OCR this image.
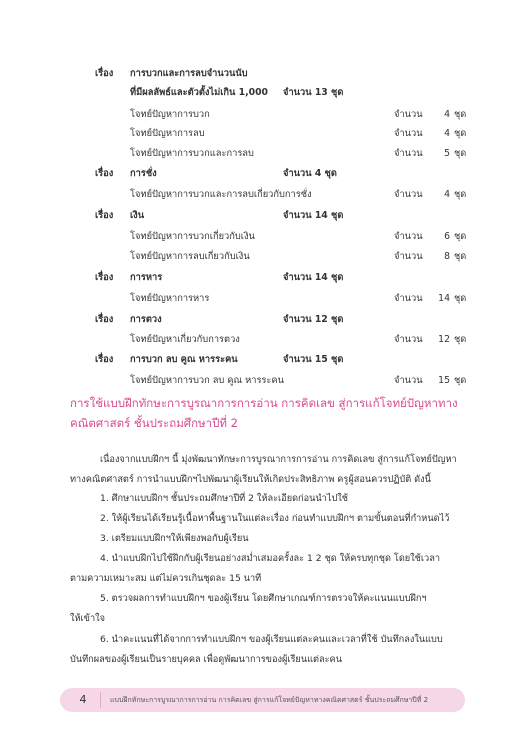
เรื่อง การบวกและการลบจำนวนนับ
ที่มีผลลัพธ์และตัวตั้งไม่เกิน 1,000 จำนวน 13 ชุด
โจทย์ปัญหาการบวก	จำนวน 4 ชุด
โจทย์ปัญหาการลบ	จำนวน 4 ชุด
โจทย์ปัญหาการบวกและการลบ	จำนวน 5 ชุด
เรื่อง การชั่ง	จำนวน 4 ชุด
โจทย์ปัญหาการบวกและการลบเกี่ยวกับการชั่ง	จำนวน 4 ชุด
เรื่อง เงิน	จำนวน 14 ชุด
โจทย์ปัญหาการบวกเกี่ยวกับเงิน	จำนวน 6 ชุด
โจทย์ปัญหาการลบเกี่ยวกับเงิน	จำนวน 8 ชุด
เรื่อง การหาร	จำนวน 14 ชุด
โจทย์ปัญหาการหาร	จำนวน 14 ชุด
เรื่อง การตวง	จำนวน 12 ชุด
โจทย์ปัญหาเกี่ยวกับการตวง	จำนวน 12 ชุด
เรื่อง การบวก ลบ คูณ หารระคน	จำนวน 15 ชุด
โจทย์ปัญหาการบวก ลบ คูณ หารระคน	จำนวน 15 ชุด
การใช้แบบฝึกทักษะการบูรณาการการอ่าน การคิดเลข สู่การแก้โจทย์ปัญหาทาง
คณิตศาสตร์ ชั้นประถมศึกษาปีที่ 2
เนื่องจากแบบฝึกฯ นี้ มุ่งพัฒนาทักษะการบูรณาการการอ่าน การคิดเลข สู่การแก้โจทย์ปัญหา
ทางคณิตศาสตร์ การนำแบบฝึกฯไปพัฒนาผู้เรียนให้เกิดประสิทธิภาพ ครูผู้สอนควรปฏิบัติ ดังนี้
1. ศึกษาแบบฝึกฯ ชั้นประถมศึกษาปีที่ 2 ให้ละเอียดก่อนนำไปใช้
2. ให้ผู้เรียนได้เรียนรู้เนื้อหาพื้นฐานในแต่ละเรื่อง ก่อนทำแบบฝึกฯ ตามขั้นตอนที่กำหนดไว้
3. เตรียมแบบฝึกฯให้เพียงพอกับผู้เรียน
4. นำแบบฝึกไปใช้ฝึกกับผู้เรียนอย่างสม่ำเสมอครั้งละ 1 2 ชุด ให้ครบทุกชุด โดยใช้เวลา
ตามความเหมาะสม แต่ไม่ควรเกินชุดละ 15 นาที
5. ตรวจผลการทำแบบฝึกฯ ของผู้เรียน โดยศึกษาเกณฑ์การตรวจให้คะแนนแบบฝึกฯ
ให้เข้าใจ
6. นำคะแนนที่ได้จากการทำแบบฝึกฯ ของผู้เรียนแต่ละคนและเวลาที่ใช้ บันทึกลงในแบบ
บันทึกผลของผู้เรียนเป็นรายบุคคล เพื่อดูพัฒนาการของผู้เรียนแต่ละคน
4	แบบฝึกทักษะการบูรณาการการอ่าน การคิดเลข สู่การแก้โจทย์ปัญหาทางคณิตศาสตร์ ชั้นประถมศึกษาปีที่ 2
